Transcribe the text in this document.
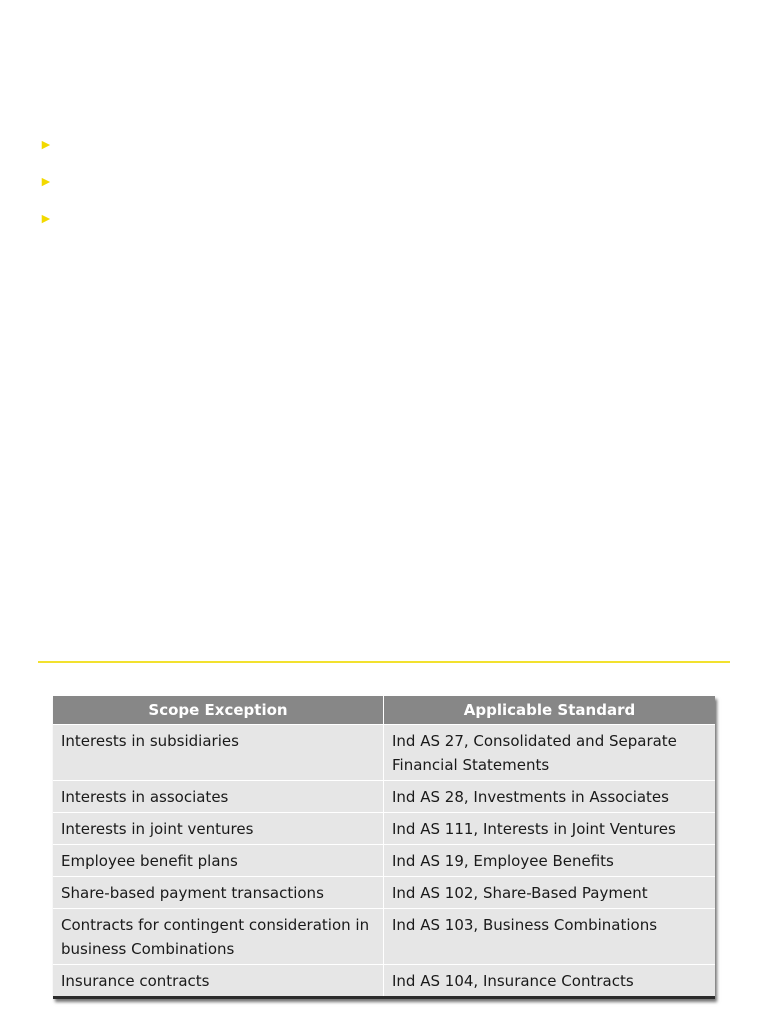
►
►
►
Scope Exception	Applicable Standard
Interests in subsidiaries	Ind AS 27, Consolidated and Separate Financial Statements
Interests in associates	Ind AS 28, Investments in Associates
Interests in joint ventures	Ind AS 111, Interests in Joint Ventures
Employee benefit plans	Ind AS 19, Employee Benefits
Share-based payment transactions	Ind AS 102, Share-Based Payment
Contracts for contingent consideration in business Combinations	Ind AS 103, Business Combinations
Insurance contracts	Ind AS 104, Insurance Contracts
